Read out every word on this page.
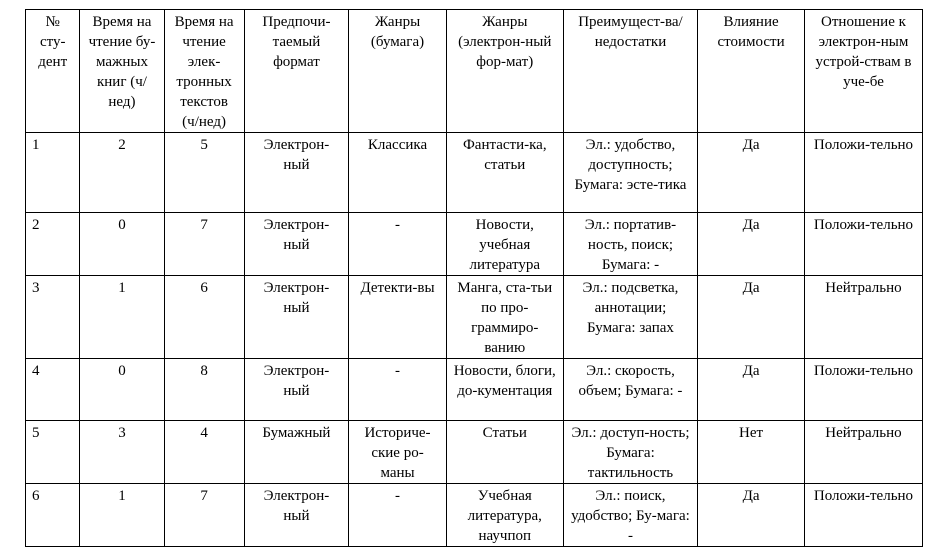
№ сту-дент	Время на чтение бу-мажных книг (ч/нед)	Время на чтение элек-тронных текстов (ч/нед)	Предпочи-таемый формат	Жанры (бумага)	Жанры (электрон-ный фор-мат)	Преимущест-ва/недостатки	Влияние стоимости	Отношение к электрон-ным устрой-ствам в уче-бе

1	2	5	Электрон-ный	Классика	Фантасти-ка, статьи	Эл.: удобство, доступность; Бумага: эсте-тика	Да	Положи-тельно
2	0	7	Электрон-ный	-	Новости, учебная литература	Эл.: портатив-ность, поиск; Бумага: -	Да	Положи-тельно
3	1	6	Электрон-ный	Детекти-вы	Манга, ста-тьи по про-граммиро-ванию	Эл.: подсветка, аннотации; Бумага: запах	Да	Нейтрально
4	0	8	Электрон-ный	-	Новости, блоги, до-кументация	Эл.: скорость, объем; Бумага: -	Да	Положи-тельно
5	3	4	Бумажный	Историче-ские ро-маны	Статьи	Эл.: доступ-ность; Бумага: тактильность	Нет	Нейтрально
6	1	7	Электрон-ный	-	Учебная литература, научпоп	Эл.: поиск, удобство; Бу-мага: -	Да	Положи-тельно
